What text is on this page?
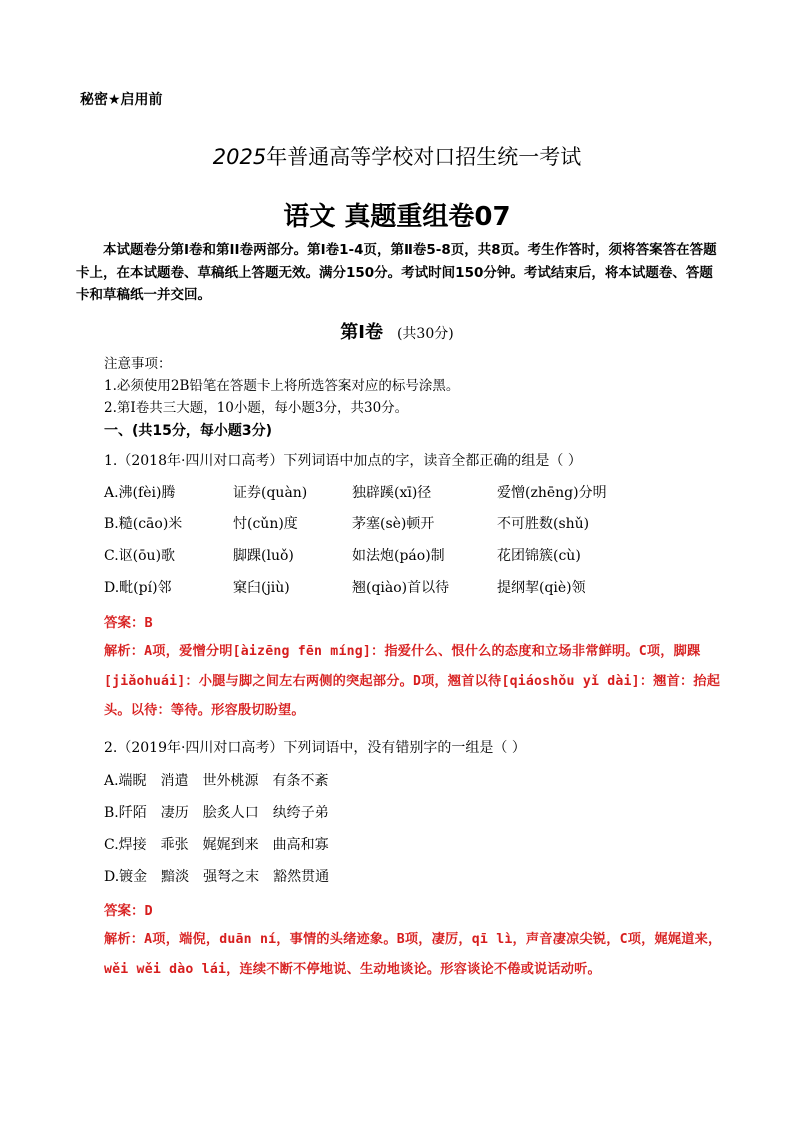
秘密★启用前
2025年普通高等学校对口招生统一考试
语文 真题重组卷07
本试题卷分第Ⅰ卷和第ⅠⅠ卷两部分。第Ⅰ卷1-4页，第Ⅱ卷5-8页，共8页。考生作答时，须将答案答在答题卡上，在本试题卷、草稿纸上答题无效。满分150分。考试时间150分钟。考试结束后，将本试题卷、答题卡和草稿纸一并交回。
第Ⅰ卷 (共30分)
注意事项：
1.必须使用2B铅笔在答题卡上将所选答案对应的标号涂黑。
2.第Ⅰ卷共三大题，10小题，每小题3分，共30分。
一、(共15分，每小题3分)
1.（2018年·四川对口高考）下列词语中加点的字，读音全都正确的组是（ ）
A.沸(fèi)腾	证券(quàn)	独辟蹊(xī)径	爱憎(zhēng)分明
B.糙(cāo)米	忖(cǔn)度	茅塞(sè)顿开	不可胜数(shǔ)
C.讴(ōu)歌	脚踝(luǒ)	如法炮(páo)制	花团锦簇(cù)
D.毗(pí)邻	窠臼(jiù)	翘(qiào)首以待	提纲挈(qiè)领
答案：B
解析：A项，爱憎分明[àizēng fēn míng]：指爱什么、恨什么的态度和立场非常鲜明。C项，脚踝[jiǎohuái]：小腿与脚之间左右两侧的突起部分。D项，翘首以待[qiáoshǒu yǐ dài]：翘首：抬起头。以待：等待。形容殷切盼望。
2.（2019年·四川对口高考）下列词语中，没有错别字的一组是（ ）
A.端睨　消遣　世外桃源　有条不紊
B.阡陌　凄历　脍炙人口　纨绔子弟
C.焊接　乖张　娓娓到来　曲高和寡
D.镀金　黯淡　强弩之末　豁然贯通
答案：D
解析：A项，端倪，duān ní，事情的头绪迹象。B项，凄厉，qī lì，声音凄凉尖锐，C项，娓娓道来，wěi wěi dào lái，连续不断不停地说、生动地谈论。形容谈论不倦或说话动听。
